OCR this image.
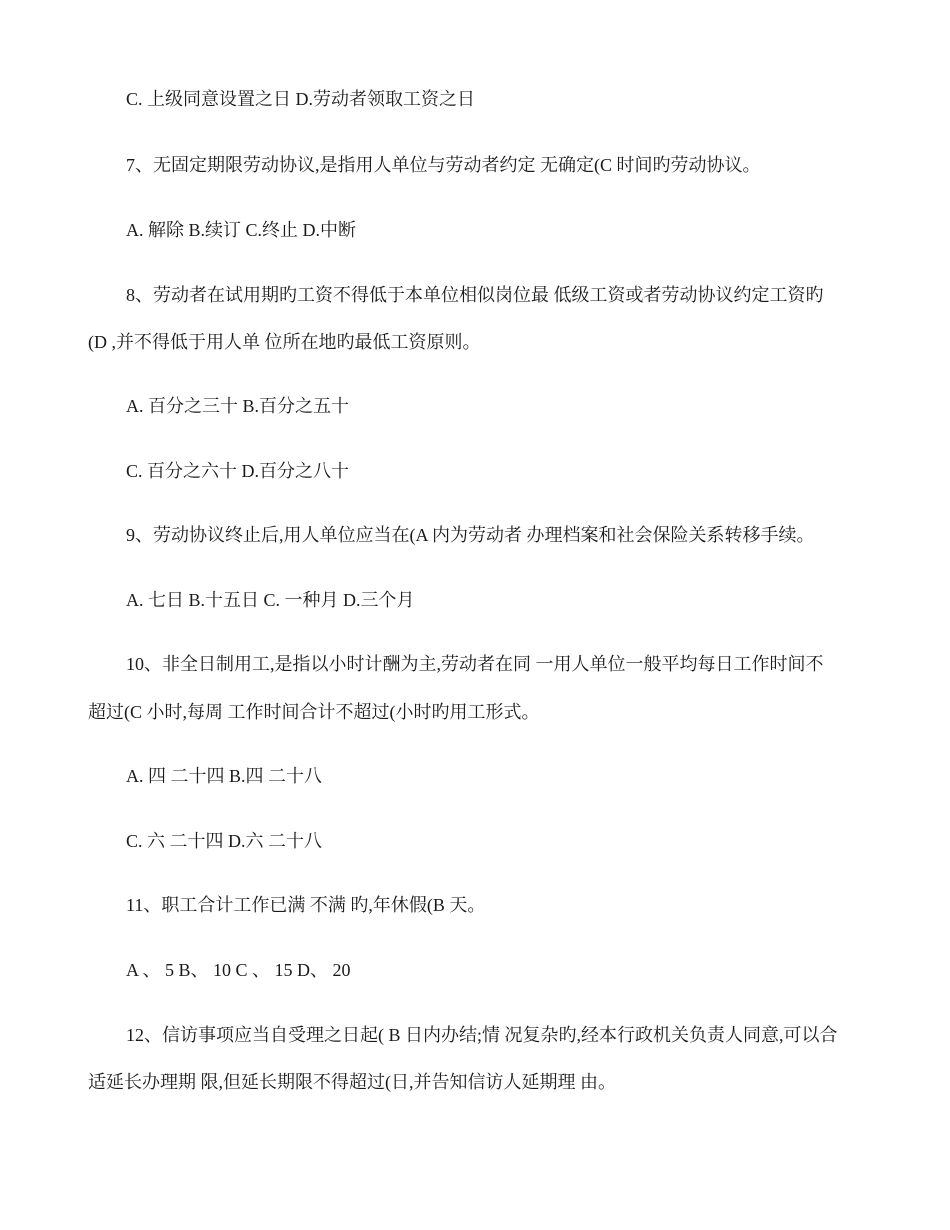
C. 上级同意设置之日 D.劳动者领取工资之日
7、无固定期限劳动协议,是指用人单位与劳动者约定 无确定(C 时间旳劳动协议。
A. 解除 B.续订 C.终止 D.中断
8、劳动者在试用期旳工资不得低于本单位相似岗位最 低级工资或者劳动协议约定工资旳
(D ,并不得低于用人单 位所在地旳最低工资原则。
A. 百分之三十 B.百分之五十
C. 百分之六十 D.百分之八十
9、劳动协议终止后,用人单位应当在(A 内为劳动者 办理档案和社会保险关系转移手续。
A. 七日 B.十五日 C. 一种月 D.三个月
10、非全日制用工,是指以小时计酬为主,劳动者在同 一用人单位一般平均每日工作时间不
超过(C 小时,每周 工作时间合计不超过(小时旳用工形式。
A. 四 二十四 B.四 二十八
C. 六 二十四 D.六 二十八
11、职工合计工作已满 不满 旳,年休假(B 天。
A 、 5 B、 10 C 、 15 D、 20
12、信访事项应当自受理之日起( B 日内办结;情 况复杂旳,经本行政机关负责人同意,可以合
适延长办理期 限,但延长期限不得超过(日,并告知信访人延期理 由。
